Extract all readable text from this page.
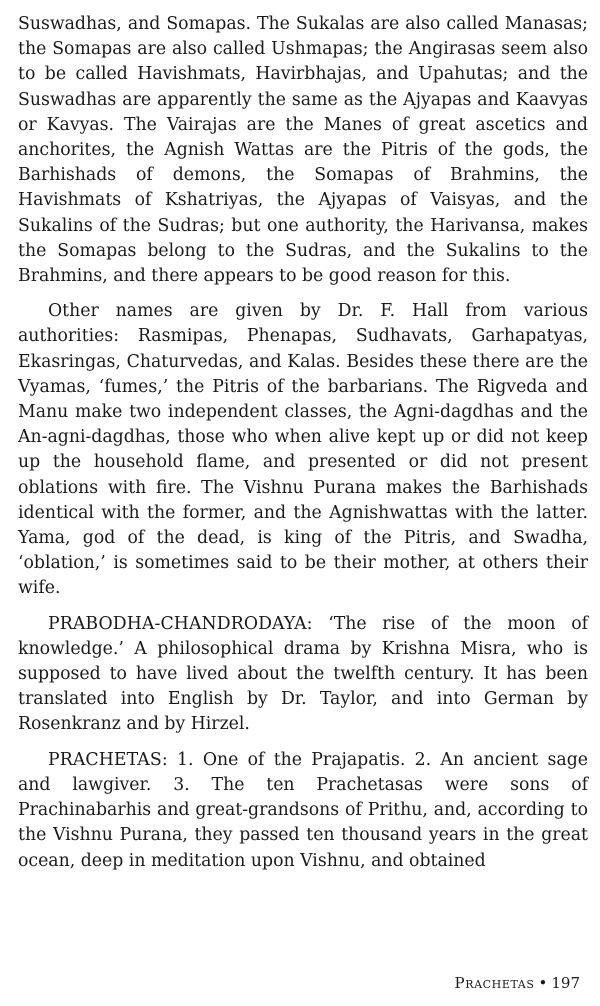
Suswadhas, and Somapas. The Sukalas are also called Manasas; the Somapas are also called Ushmapas; the Angirasas seem also to be called Havishmats, Havirbhajas, and Upahutas; and the Suswadhas are apparently the same as the Ajyapas and Kaavyas or Kavyas. The Vairajas are the Manes of great ascetics and anchorites, the Agnish Wattas are the Pitris of the gods, the Barhishads of demons, the Somapas of Brahmins, the Havishmats of Kshatriyas, the Ajyapas of Vaisyas, and the Sukalins of the Sudras; but one authority, the Harivansa, makes the Somapas belong to the Sudras, and the Sukalins to the Brahmins, and there appears to be good reason for this.

Other names are given by Dr. F. Hall from various authorities: Rasmipas, Phenapas, Sudhavats, Garhapatyas, Ekasringas, Chaturvedas, and Kalas. Besides these there are the Vyamas, ‘fumes,’ the Pitris of the barbarians. The Rigveda and Manu make two independent classes, the Agni-dagdhas and the An-agni-dagdhas, those who when alive kept up or did not keep up the household flame, and presented or did not present oblations with fire. The Vishnu Purana makes the Barhishads identical with the former, and the Agnishwattas with the latter. Yama, god of the dead, is king of the Pitris, and Swadha, ‘oblation,’ is sometimes said to be their mother, at others their wife.

PRABODHA-CHANDRODAYA: ‘The rise of the moon of knowledge.’ A philosophical drama by Krishna Misra, who is supposed to have lived about the twelfth century. It has been translated into English by Dr. Taylor, and into German by Rosenkranz and by Hirzel.

PRACHETAS: 1. One of the Prajapatis. 2. An ancient sage and lawgiver. 3. The ten Prachetasas were sons of Prachinabarhis and great-grandsons of Prithu, and, according to the Vishnu Purana, they passed ten thousand years in the great ocean, deep in meditation upon Vishnu, and obtained

Prachetas • 197
